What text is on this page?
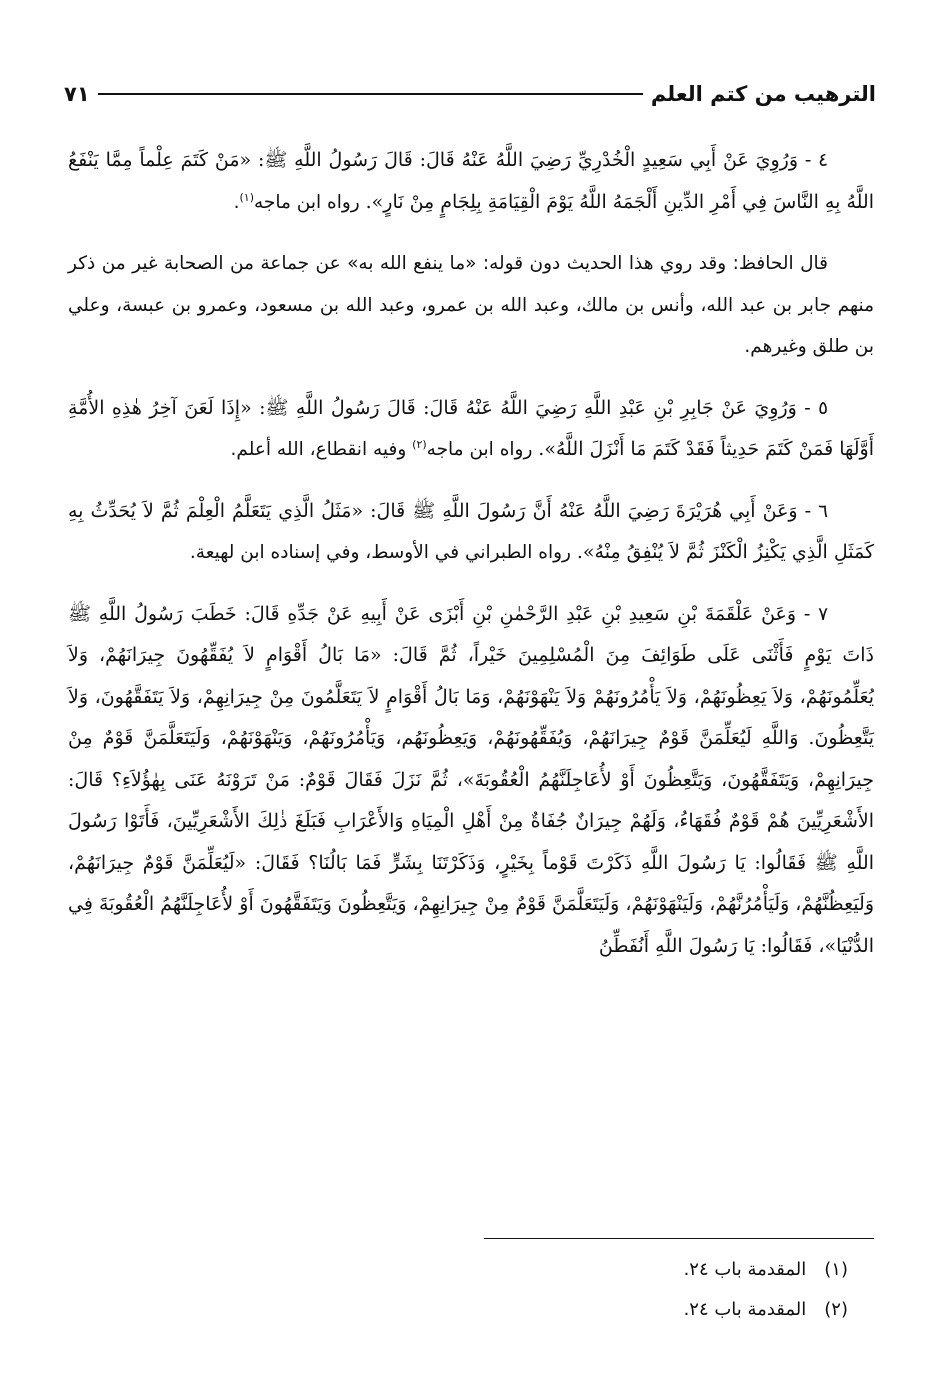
الترهيب من كتم العلم
٧١

٤ - وَرُوِيَ عَنْ أَبِي سَعِيدٍ الْخُدْرِيِّ رَضِيَ اللَّهُ عَنْهُ قَالَ: قَالَ رَسُولُ اللَّهِ ﷺ: «مَنْ كَتَمَ عِلْماً مِمَّا يَنْفَعُ اللَّهُ بِهِ النَّاسَ فِي أَمْرِ الدِّينِ أَلْجَمَهُ اللَّهُ يَوْمَ الْقِيَامَةِ بِلِجَامٍ مِنْ نَارٍ». رواه ابن ماجه$^{(١)}$.

قال الحافظ: وقد روي هذا الحديث دون قوله: «ما ينفع الله به» عن جماعة من الصحابة غير من ذكر منهم جابر بن عبد الله، وأنس بن مالك، وعبد الله بن عمرو، وعبد الله بن مسعود، وعمرو بن عبسة، وعلي بن طلق وغيرهم.

٥ - وَرُوِيَ عَنْ جَابِرِ بْنِ عَبْدِ اللَّهِ رَضِيَ اللَّهُ عَنْهُ قَالَ: قَالَ رَسُولُ اللَّهِ ﷺ: «إِذَا لَعَنَ آخِرُ هٰذِهِ الأُمَّةِ أَوَّلَهَا فَمَنْ كَتَمَ حَدِيثاً فَقَدْ كَتَمَ مَا أَنْزَلَ اللَّهُ». رواه ابن ماجه$^{(٢)}$ وفيه انقطاع، الله أعلم.

٦ - وَعَنْ أَبِي هُرَيْرَةَ رَضِيَ اللَّهُ عَنْهُ أَنَّ رَسُولَ اللَّهِ ﷺ قَالَ: «مَثَلُ الَّذِي يَتَعَلَّمُ الْعِلْمَ ثُمَّ لاَ يُحَدِّثُ بِهِ كَمَثَلِ الَّذِي يَكْنِزُ الْكَنْزَ ثُمَّ لاَ يُنْفِقُ مِنْهُ». رواه الطبراني في الأوسط، وفي إسناده ابن لهيعة.

٧ - وَعَنْ عَلْقَمَةَ بْنِ سَعِيدِ بْنِ عَبْدِ الرَّحْمٰنِ بْنِ أَبْزَى عَنْ أَبِيهِ عَنْ جَدِّهِ قَالَ: خَطَبَ رَسُولُ اللَّهِ ﷺ ذَاتَ يَوْمٍ فَأَثْنَى عَلَى طَوَائِفَ مِنَ الْمُسْلِمِينَ خَيْراً، ثُمَّ قَالَ: «مَا بَالُ أَقْوَامٍ لاَ يُفَقِّهُونَ جِيرَانَهُمْ، وَلاَ يُعَلِّمُونَهُمْ، وَلاَ يَعِظُونَهُمْ، وَلاَ يَأْمُرُونَهُمْ وَلاَ يَنْهَوْنَهُمْ، وَمَا بَالُ أَقْوَامٍ لاَ يَتَعَلَّمُونَ مِنْ جِيرَانِهِمْ، وَلاَ يَتَفَقَّهُونَ، وَلاَ يَتَّعِظُونَ. وَاللَّهِ لَيُعَلِّمَنَّ قَوْمٌ جِيرَانَهُمْ، وَيُفَقِّهُونَهُمْ، وَيَعِظُونَهُم، وَيَأْمُرُونَهُمْ، وَيَنْهَوْنَهُمْ، وَلَيَتَعَلَّمَنَّ قَوْمٌ مِنْ جِيرَانِهِمْ، وَيَتَفَقَّهُونَ، وَيَتَّعِظُونَ أَوْ لأُعَاجِلَنَّهُمُ الْعُقُوبَةَ»، ثُمَّ نَزَلَ فَقَالَ قَوْمٌ: مَنْ تَرَوْنَهُ عَنَى بِهٰؤُلاَءِ؟ قَالَ: الأَشْعَرِيِّينَ هُمْ قَوْمٌ فُقَهَاءُ، وَلَهُمْ جِيرَانٌ جُفَاةٌ مِنْ أَهْلِ الْمِيَاهِ وَالأَعْرَابِ فَبَلَغَ ذٰلِكَ الأَشْعَرِيِّينَ، فَأَتَوْا رَسُولَ اللَّهِ ﷺ فَقَالُوا: يَا رَسُولَ اللَّهِ ذَكَرْتَ قَوْماً بِخَيْرٍ، وَذَكَرْتَنَا بِشَرٍّ فَمَا بَالُنَا؟ فَقَالَ: «لَيُعَلِّمَنَّ قَوْمٌ جِيرَانَهُمْ، وَلَيَعِظُنَّهُمْ، وَلَيَأْمُرُنَّهُمْ، وَلَيَنْهَوْنَهُمْ، وَلَيَتَعَلَّمَنَّ قَوْمٌ مِنْ جِيرَانِهِمْ، وَيَتَّعِظُونَ وَيَتَفَقَّهُونَ أَوْ لأُعَاجِلَنَّهُمُ الْعُقُوبَةَ فِي الدُّنْيَا»، فَقَالُوا: يَا رَسُولَ اللَّهِ أَنُفَطِّنُ

(١)المقدمة باب ٢٤.
(٢)المقدمة باب ٢٤.
